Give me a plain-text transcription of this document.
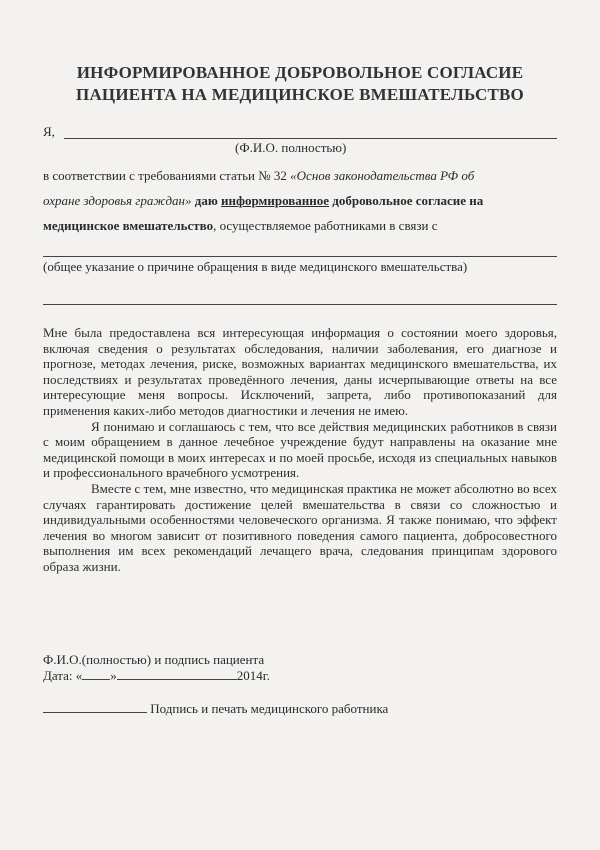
ИНФОРМИРОВАННОЕ ДОБРОВОЛЬНОЕ СОГЛАСИЕ
ПАЦИЕНТА НА МЕДИЦИНСКОЕ ВМЕШАТЕЛЬСТВО
Я,
(Ф.И.О. полностью)
в соответствии с требованиями статьи № 32 «Основ законодательства РФ об
охране здоровья граждан» даю информированное добровольное согласие на
медицинское вмешательство, осуществляемое работниками в связи с
(общее указание о причине обращения в виде медицинского вмешательства)

Мне была предоставлена вся интересующая информация о состоянии моего здоровья, включая сведения о результатах обследования, наличии заболевания, его диагнозе и прогнозе, методах лечения, риске, возможных вариантах медицинского вмешательства, их последствиях и результатах проведённого лечения, даны исчерпывающие ответы на все интересующие меня вопросы. Исключений, запрета, либо противопоказаний для применения каких-либо методов диагностики и лечения не имею.

Я понимаю и соглашаюсь с тем, что все действия медицинских работников в связи с моим обращением в данное лечебное учреждение будут направлены на оказание мне медицинской помощи в моих интересах и по моей просьбе, исходя из специальных навыков и профессионального врачебного усмотрения.

Вместе с тем, мне известно, что медицинская практика не может абсолютно во всех случаях гарантировать достижение целей вмешательства в связи со сложностью и индивидуальными особенностями человеческого организма. Я также понимаю, что эффект лечения во многом зависит от позитивного поведения самого пациента, добросовестного выполнения им всех рекомендаций лечащего врача, следования принципам здорового образа жизни.

Ф.И.О.(полностью) и подпись пациента
Дата: « »	2014г.
Подпись и печать медицинского работника
